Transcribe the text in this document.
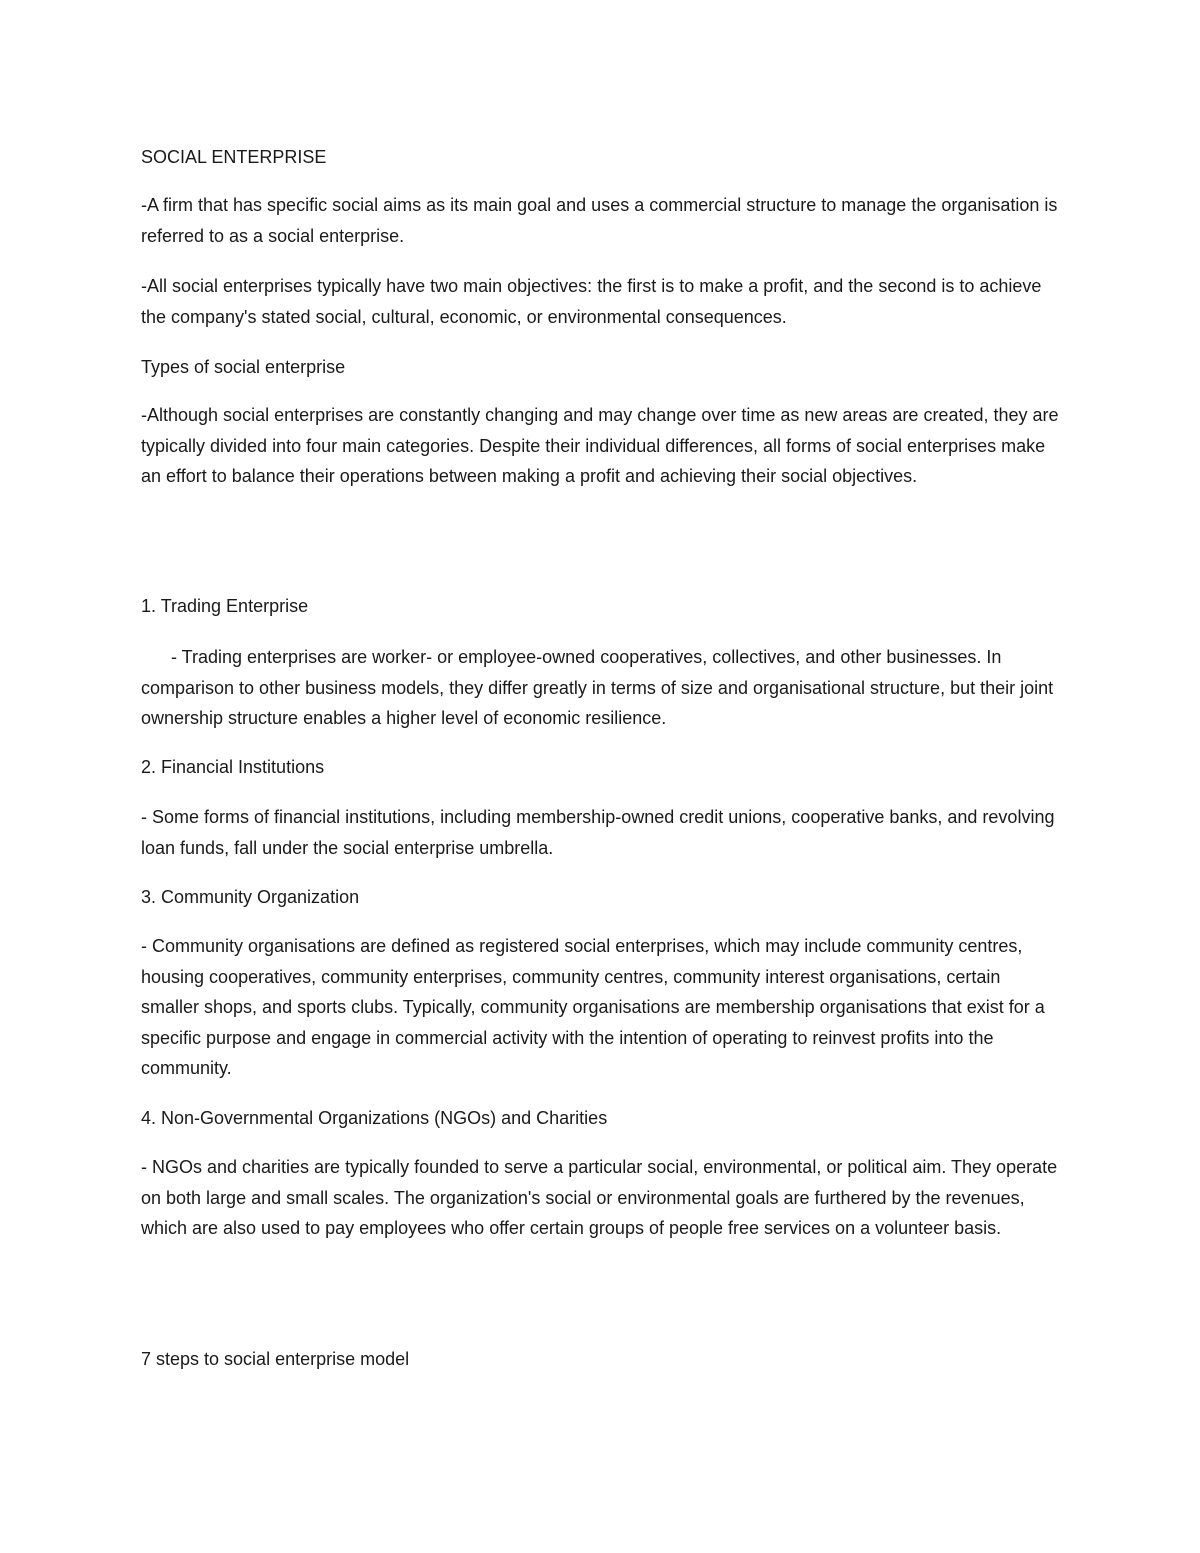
SOCIAL ENTERPRISE

-A firm that has specific social aims as its main goal and uses a commercial structure to manage the organisation is referred to as a social enterprise.

-All social enterprises typically have two main objectives: the first is to make a profit, and the second is to achieve the company's stated social, cultural, economic, or environmental consequences.

Types of social enterprise

-Although social enterprises are constantly changing and may change over time as new areas are created, they are typically divided into four main categories. Despite their individual differences, all forms of social enterprises make an effort to balance their operations between making a profit and achieving their social objectives.

1. Trading Enterprise

- Trading enterprises are worker- or employee-owned cooperatives, collectives, and other businesses. In comparison to other business models, they differ greatly in terms of size and organisational structure, but their joint ownership structure enables a higher level of economic resilience.

2. Financial Institutions

- Some forms of financial institutions, including membership-owned credit unions, cooperative banks, and revolving loan funds, fall under the social enterprise umbrella.

3. Community Organization

- Community organisations are defined as registered social enterprises, which may include community centres, housing cooperatives, community enterprises, community centres, community interest organisations, certain smaller shops, and sports clubs. Typically, community organisations are membership organisations that exist for a specific purpose and engage in commercial activity with the intention of operating to reinvest profits into the community.

4. Non-Governmental Organizations (NGOs) and Charities

- NGOs and charities are typically founded to serve a particular social, environmental, or political aim. They operate on both large and small scales. The organization's social or environmental goals are furthered by the revenues, which are also used to pay employees who offer certain groups of people free services on a volunteer basis.

7 steps to social enterprise model
